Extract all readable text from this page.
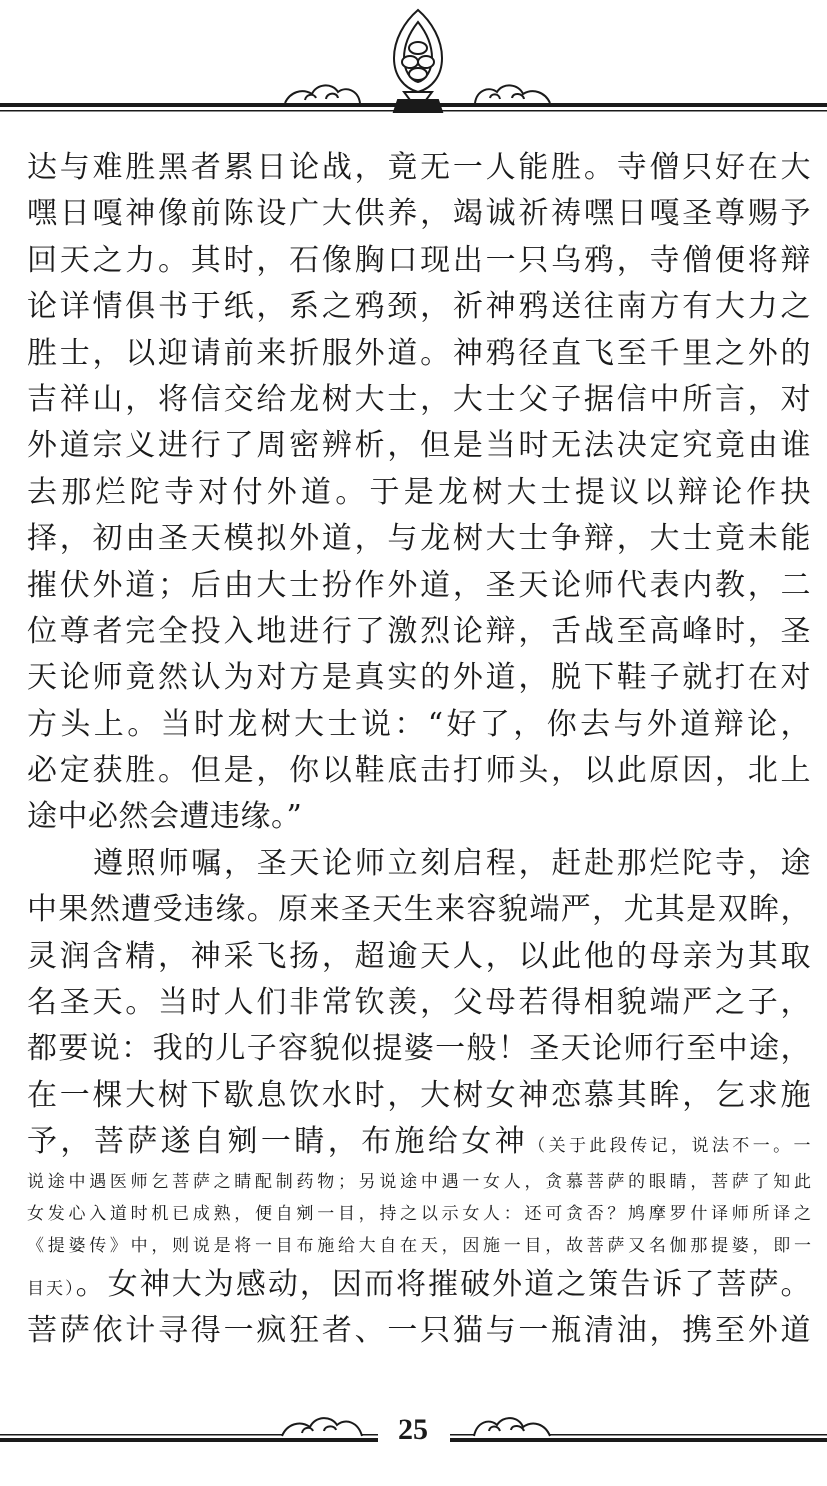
达与难胜黑者累日论战，竟无一人能胜。寺僧只好在大
嘿日嘎神像前陈设广大供养，竭诚祈祷嘿日嘎圣尊赐予
回天之力。其时，石像胸口现出一只乌鸦，寺僧便将辩
论详情俱书于纸，系之鸦颈，祈神鸦送往南方有大力之
胜士，以迎请前来折服外道。神鸦径直飞至千里之外的
吉祥山，将信交给龙树大士，大士父子据信中所言，对
外道宗义进行了周密辨析，但是当时无法决定究竟由谁
去那烂陀寺对付外道。于是龙树大士提议以辩论作抉
择，初由圣天模拟外道，与龙树大士争辩，大士竟未能
摧伏外道；后由大士扮作外道，圣天论师代表内教，二
位尊者完全投入地进行了激烈论辩，舌战至高峰时，圣
天论师竟然认为对方是真实的外道，脱下鞋子就打在对
方头上。当时龙树大士说：“好了，你去与外道辩论，
必定获胜。但是，你以鞋底击打师头，以此原因，北上
途中必然会遭违缘。”
遵照师嘱，圣天论师立刻启程，赶赴那烂陀寺，途
中果然遭受违缘。原来圣天生来容貌端严，尤其是双眸，
灵润含精，神采飞扬，超逾天人，以此他的母亲为其取
名圣天。当时人们非常钦羡，父母若得相貌端严之子，
都要说：我的儿子容貌似提婆一般！圣天论师行至中途，
在一棵大树下歇息饮水时，大树女神恋慕其眸，乞求施
予，菩萨遂自剜一睛，布施给女神（关于此段传记，说法不一。一
说途中遇医师乞菩萨之睛配制药物；另说途中遇一女人，贪慕菩萨的眼睛，菩萨了知此
女发心入道时机已成熟，便自剜一目，持之以示女人：还可贪否？鸠摩罗什译师所译之
《提婆传》中，则说是将一目布施给大自在天，因施一目，故菩萨又名伽那提婆，即一
目天）。女神大为感动，因而将摧破外道之策告诉了菩萨。
菩萨依计寻得一疯狂者、一只猫与一瓶清油，携至外道
25
